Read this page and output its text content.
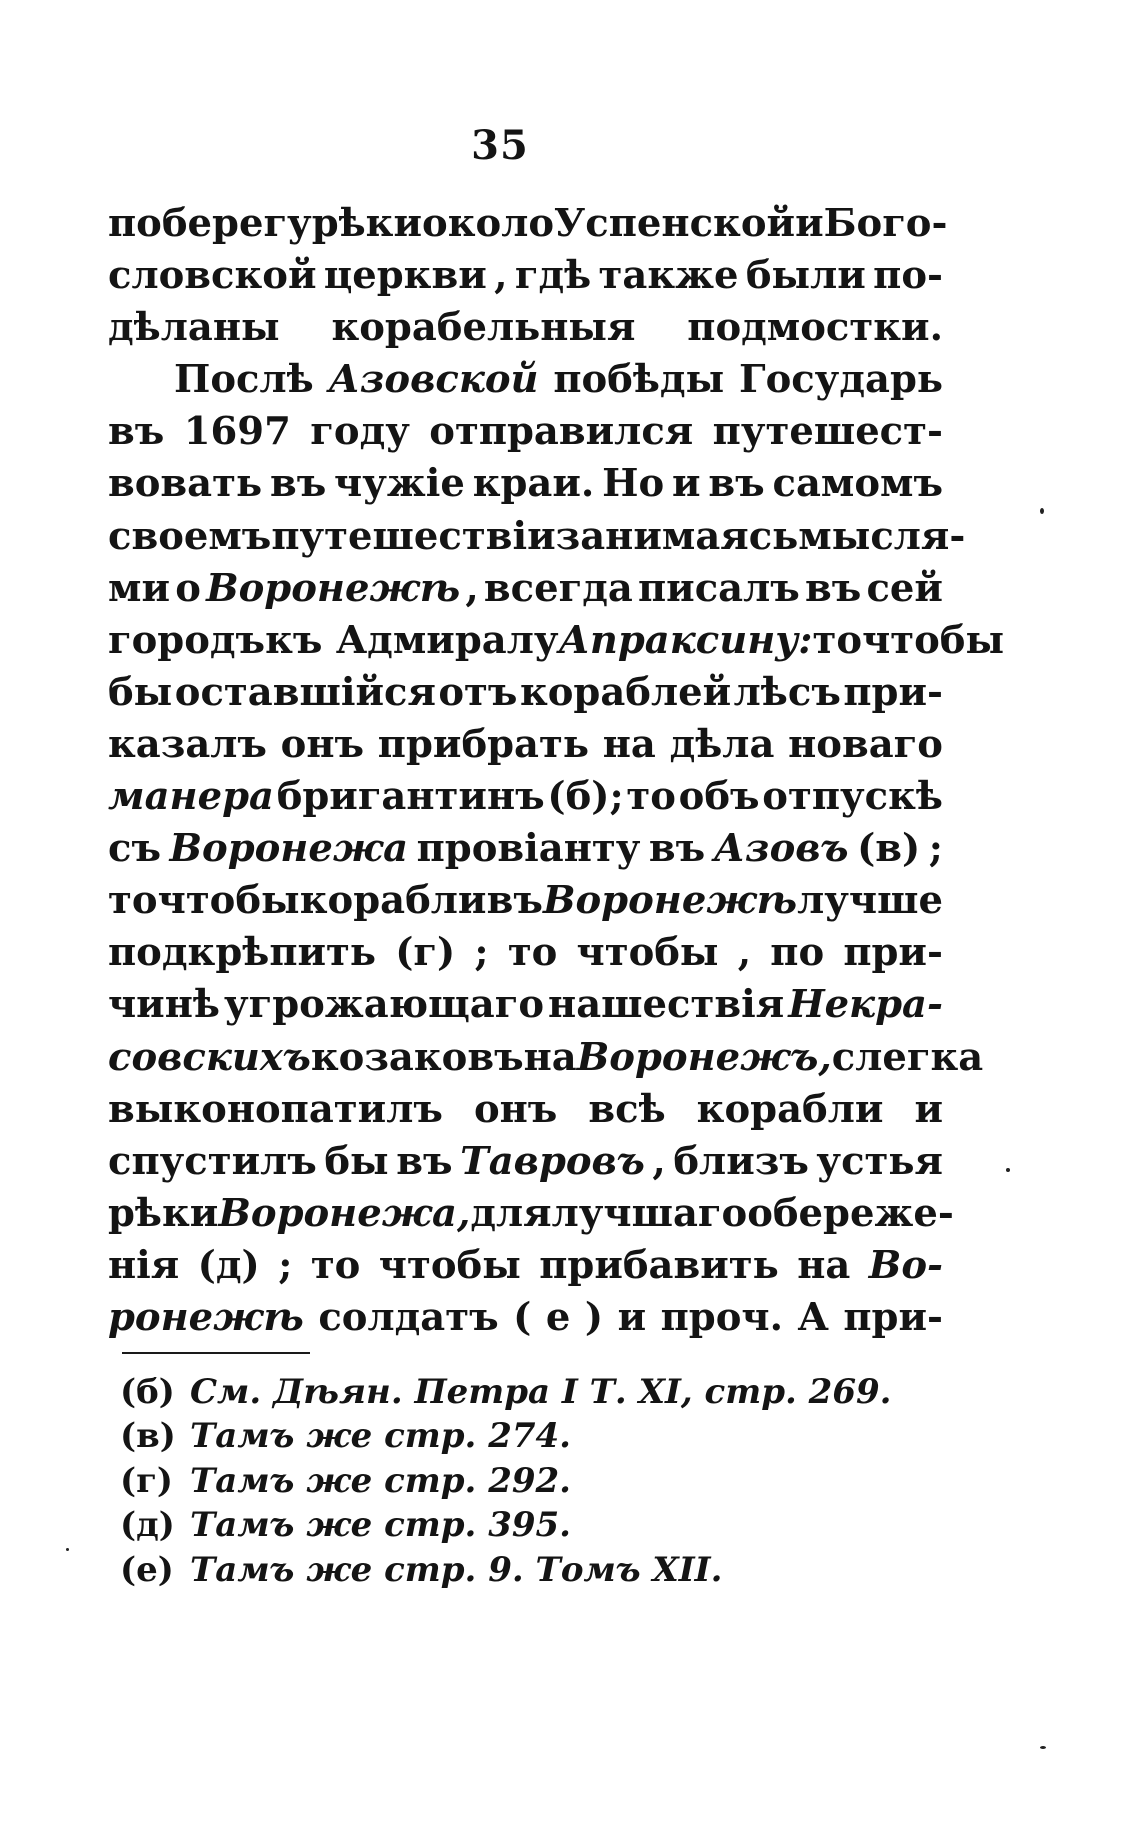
35
по берегу рѣки около Успенской и Бого-
словской церкви , гдѣ также были по-
дѣланы корабельныя подмостки.
Послѣ Азовской побѣды Государь
въ 1697 году отправился путешест-
вовать въ чужіе краи. Но и въ самомъ
своемъ путешествіи занимаясь мысля-
ми о Воронежѣ , всегда писалъ въ сей
городъ къ Адмиралу Апраксину: то чтобы
бы оставшійся отъ кораблей лѣсъ при-
казалъ онъ прибрать на дѣла новаго
манера бригантинъ (б); то объ отпускѣ
съ Воронежа провіанту въ Азовъ (в) ;
то чтобы корабли въ Воронежѣ лучше
подкрѣпить (г) ; то чтобы , по при-
чинѣ угрожающаго нашествія Некра-
совскихъ козаковъ на Воронежъ, слегка
выконопатилъ онъ всѣ корабли и
спустилъ бы въ Тавровъ , близъ устья
рѣки Воронежа, для лучшаго обереже-
нія (д) ; то чтобы прибавить на Во-
ронежѣ солдатъ ( е ) и проч. А при-
(б) См. Дѣян. Петра I Т. XI, стр. 269.
(в) Тамъ же стр. 274.
(г) Тамъ же стр. 292.
(д) Тамъ же стр. 395.
(е) Тамъ же стр. 9. Томъ XII.
